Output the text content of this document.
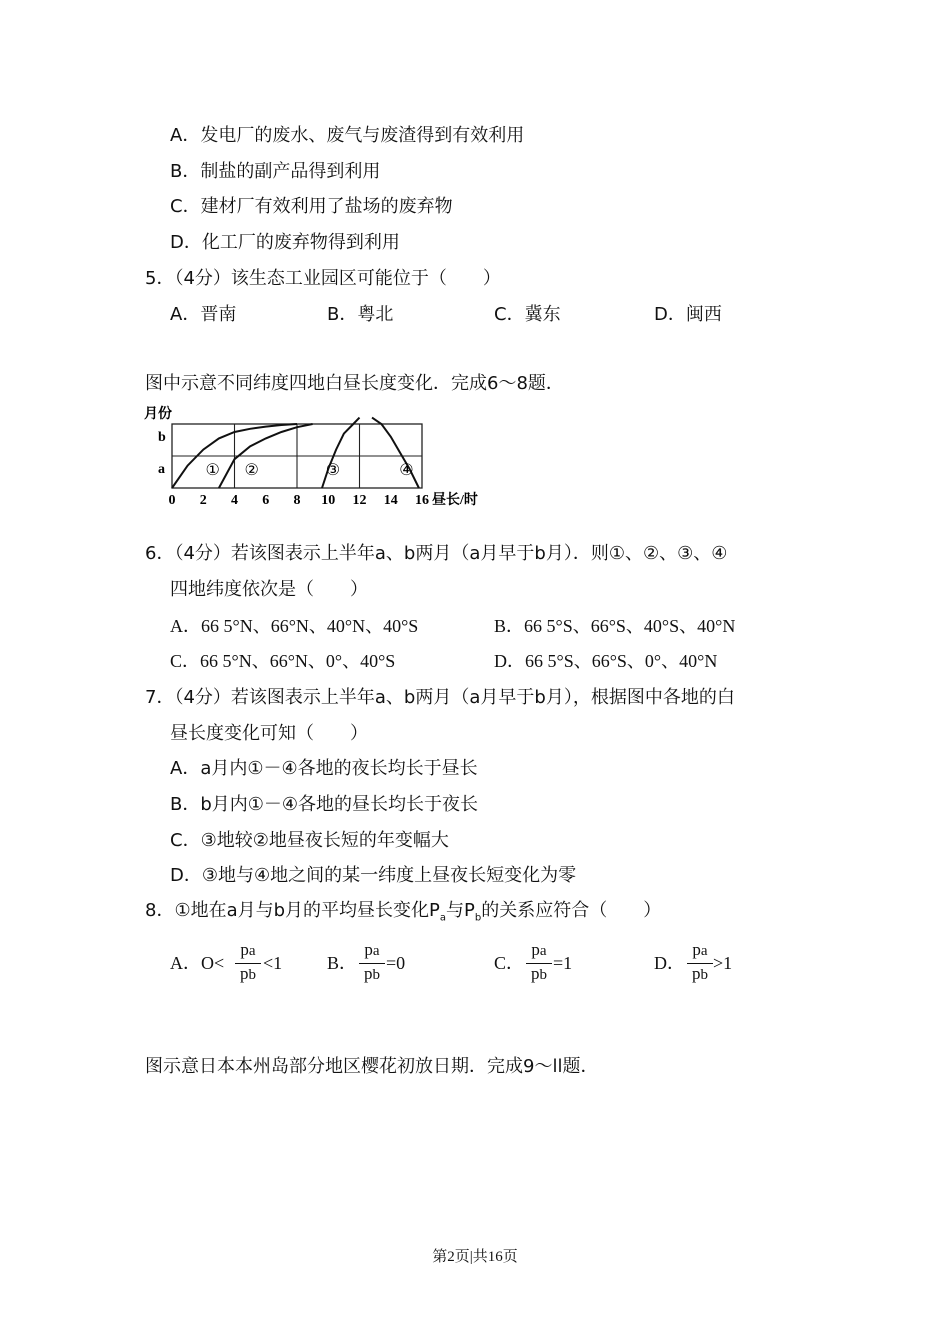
A．发电厂的废水、废气与废渣得到有效利用
B．制盐的副产品得到利用
C．建材厂有效利用了盐场的废弃物
D．化工厂的废弃物得到利用
5．（4分）该生态工业园区可能位于（　　）
A．晋南	B．粤北	C．冀东	D．闽西
图中示意不同纬度四地白昼长度变化．完成6～8题．
月份
① ②	③	④
0 2 4 6 8 10 12 14 16
b
a
昼长/时
6．（4分）若该图表示上半年a、b两月（a月早于b月）．则①、②、③、④
四地纬度依次是（　　）
A．66 5°N、66°N、40°N、40°S	B．66 5°S、66°S、40°S、40°N
C．66 5°N、66°N、0°、40°S	D．66 5°S、66°S、0°、40°N
7．（4分）若该图表示上半年a、b两月（a月早于b月），根据图中各地的白
昼长度变化可知（　　）
A．a月内①－④各地的夜长均长于昼长
B．b月内①－④各地的昼长均长于夜长
C．③地较②地昼夜长短的年变幅大
D．③地与④地之间的某一纬度上昼夜长短变化为零
8．①地在a月与b月的平均昼长变化$P_a$与$P_b$的关系应符合（　　）
A．O<
pa
pb
<1 B．
pa
pb
=0	C．
pa
pb
=1	D．
pa
pb
>1
图示意日本本州岛部分地区樱花初放日期．完成9～ll题．
第2页|共16页
